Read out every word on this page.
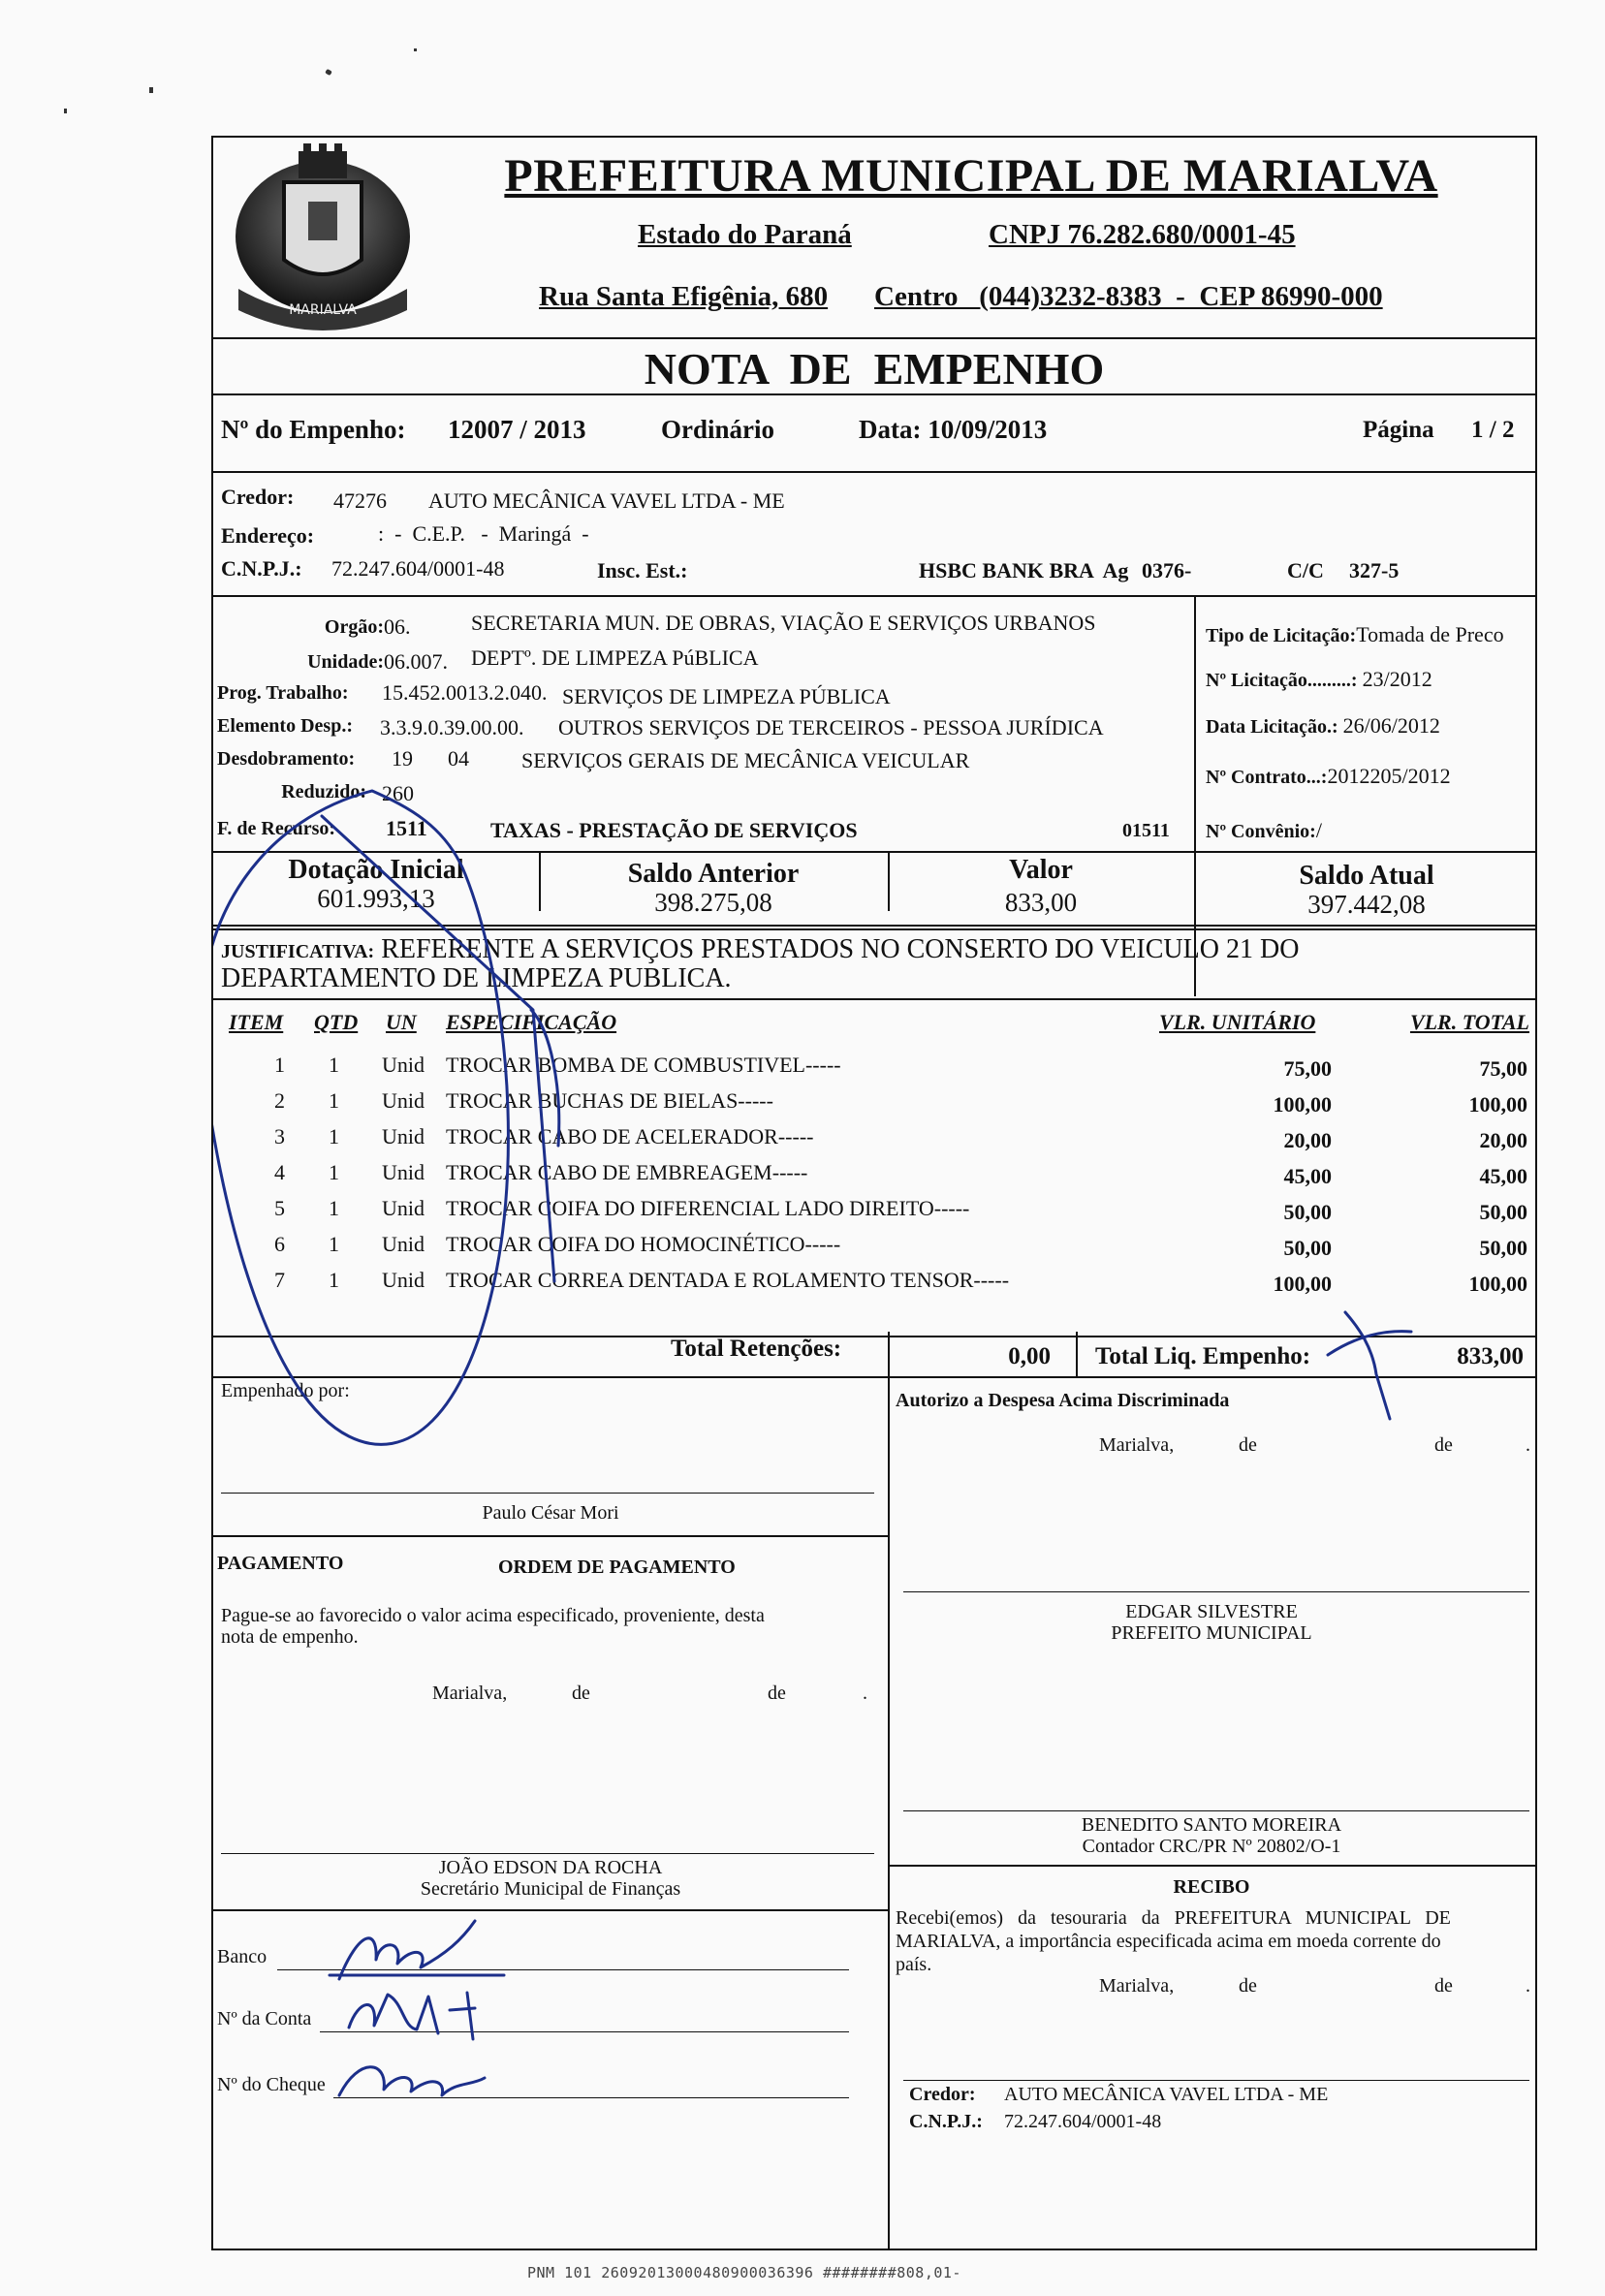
MARIALVA
PREFEITURA MUNICIPAL DE MARIALVA
Estado do Paraná	CNPJ 76.282.680/0001-45
Rua Santa Efigênia, 680 Centro   (044)3232-8383  -  CEP 86990-000
NOTA  DE  EMPENHO
Nº do Empenho: 12007 / 2013	Ordinário	Data: 10/09/2013	Página 1 / 2
Credor: 47276 AUTO MECÂNICA VAVEL LTDA - ME
Endereço:	:  -  C.E.P.   -  Maringá  -
C.N.P.J.: 72.247.604/0001-48	Insc. Est.:	HSBC BANK BRA  Ag 0376-	C/C 327-5
Orgão: 06.	SECRETARIA MUN. DE OBRAS, VIAÇÃO E SERVIÇOS URBANOS
Unidade: 06.007. DEPTº. DE LIMPEZA PúBLICA
Prog. Trabalho: 15.452.0013.2.040. SERVIÇOS DE LIMPEZA PÚBLICA
Elemento Desp.: 3.3.9.0.39.00.00. OUTROS SERVIÇOS DE TERCEIROS - PESSOA JURÍDICA
Desdobramento: 19 04 SERVIÇOS GERAIS DE MECÂNICA VEICULAR
Reduzido: 260
F. de Recurso: 1511	TAXAS - PRESTAÇÃO DE SERVIÇOS	01511
Tipo de Licitação:Tomada de Preco
Nº Licitação.........: 23/2012
Data Licitação.: 26/06/2012
Nº Contrato...:2012205/2012
Nº Convênio:/
Dotação Inicial
601.993,13
Saldo Anterior
398.275,08
Valor
833,00
Saldo Atual
397.442,08
JUSTIFICATIVA: REFERENTE A SERVIÇOS PRESTADOS NO CONSERTO DO VEICULO 21 DO
DEPARTAMENTO DE LIMPEZA PUBLICA.
ITEM QTD UN ESPECIFICAÇÃO	VLR. UNITÁRIO	VLR. TOTAL
1	1 Unid TROCAR BOMBA DE COMBUSTIVEL-----	75,00	75,00
2	1 Unid TROCAR BUCHAS DE BIELAS-----	100,00	100,00
3	1 Unid TROCAR CABO DE ACELERADOR-----	20,00	20,00
4	1 Unid TROCAR CABO DE EMBREAGEM-----	45,00	45,00
5	1 Unid TROCAR COIFA DO DIFERENCIAL LADO DIREITO-----	50,00	50,00
6	1 Unid TROCAR COIFA DO HOMOCINÉTICO-----	50,00	50,00
7	1 Unid TROCAR CORREA DENTADA E ROLAMENTO TENSOR-----	100,00	100,00
Total Retenções:	0,00 Total Liq. Empenho:	833,00
Empenhado por:
Paulo César Mori
Autorizo a Despesa Acima Discriminada
Marialva,	de	de	.
PAGAMENTO	ORDEM DE PAGAMENTO
Pague-se ao favorecido o valor acima especificado, proveniente, desta
nota de empenho.
Marialva,	de	de	.
JOÃO EDSON DA ROCHA
Secretário Municipal de Finanças
EDGAR SILVESTRE
PREFEITO MUNICIPAL
BENEDITO SANTO MOREIRA
Contador CRC/PR Nº 20802/O-1
RECIBO
Recebi(emos) da tesouraria da PREFEITURA MUNICIPAL DE
MARIALVA, a importância especificada acima em moeda corrente do
país.
Marialva,	de	de	.
Credor: AUTO MECÂNICA VAVEL LTDA - ME
C.N.P.J.: 72.247.604/0001-48
Banco
Nº da Conta
Nº do Cheque
PNM 101 26092013000480900036396 ########808,01-
